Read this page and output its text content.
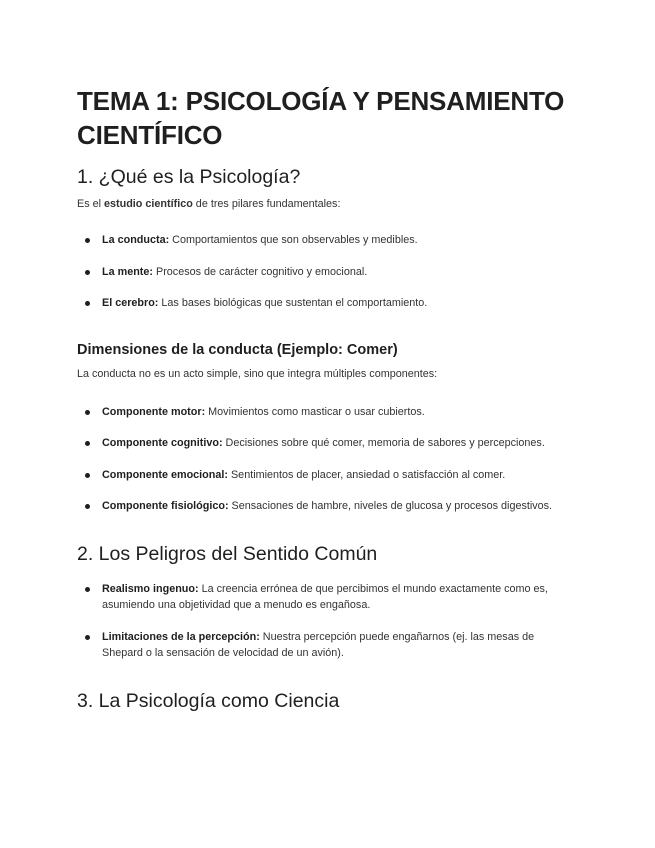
TEMA 1: PSICOLOGÍA Y PENSAMIENTO CIENTÍFICO
1. ¿Qué es la Psicología?

Es el estudio científico de tres pilares fundamentales:

La conducta: Comportamientos que son observables y medibles.
La mente: Procesos de carácter cognitivo y emocional.
El cerebro: Las bases biológicas que sustentan el comportamiento.
Dimensiones de la conducta (Ejemplo: Comer)

La conducta no es un acto simple, sino que integra múltiples componentes:

Componente motor: Movimientos como masticar o usar cubiertos.
Componente cognitivo: Decisiones sobre qué comer, memoria de sabores y percepciones.
Componente emocional: Sentimientos de placer, ansiedad o satisfacción al comer.
Componente fisiológico: Sensaciones de hambre, niveles de glucosa y procesos digestivos.
2. Los Peligros del Sentido Común
Realismo ingenuo: La creencia errónea de que percibimos el mundo exactamente como es, asumiendo una objetividad que a menudo es engañosa.
Limitaciones de la percepción: Nuestra percepción puede engañarnos (ej. las mesas de Shepard o la sensación de velocidad de un avión).
3. La Psicología como Ciencia
